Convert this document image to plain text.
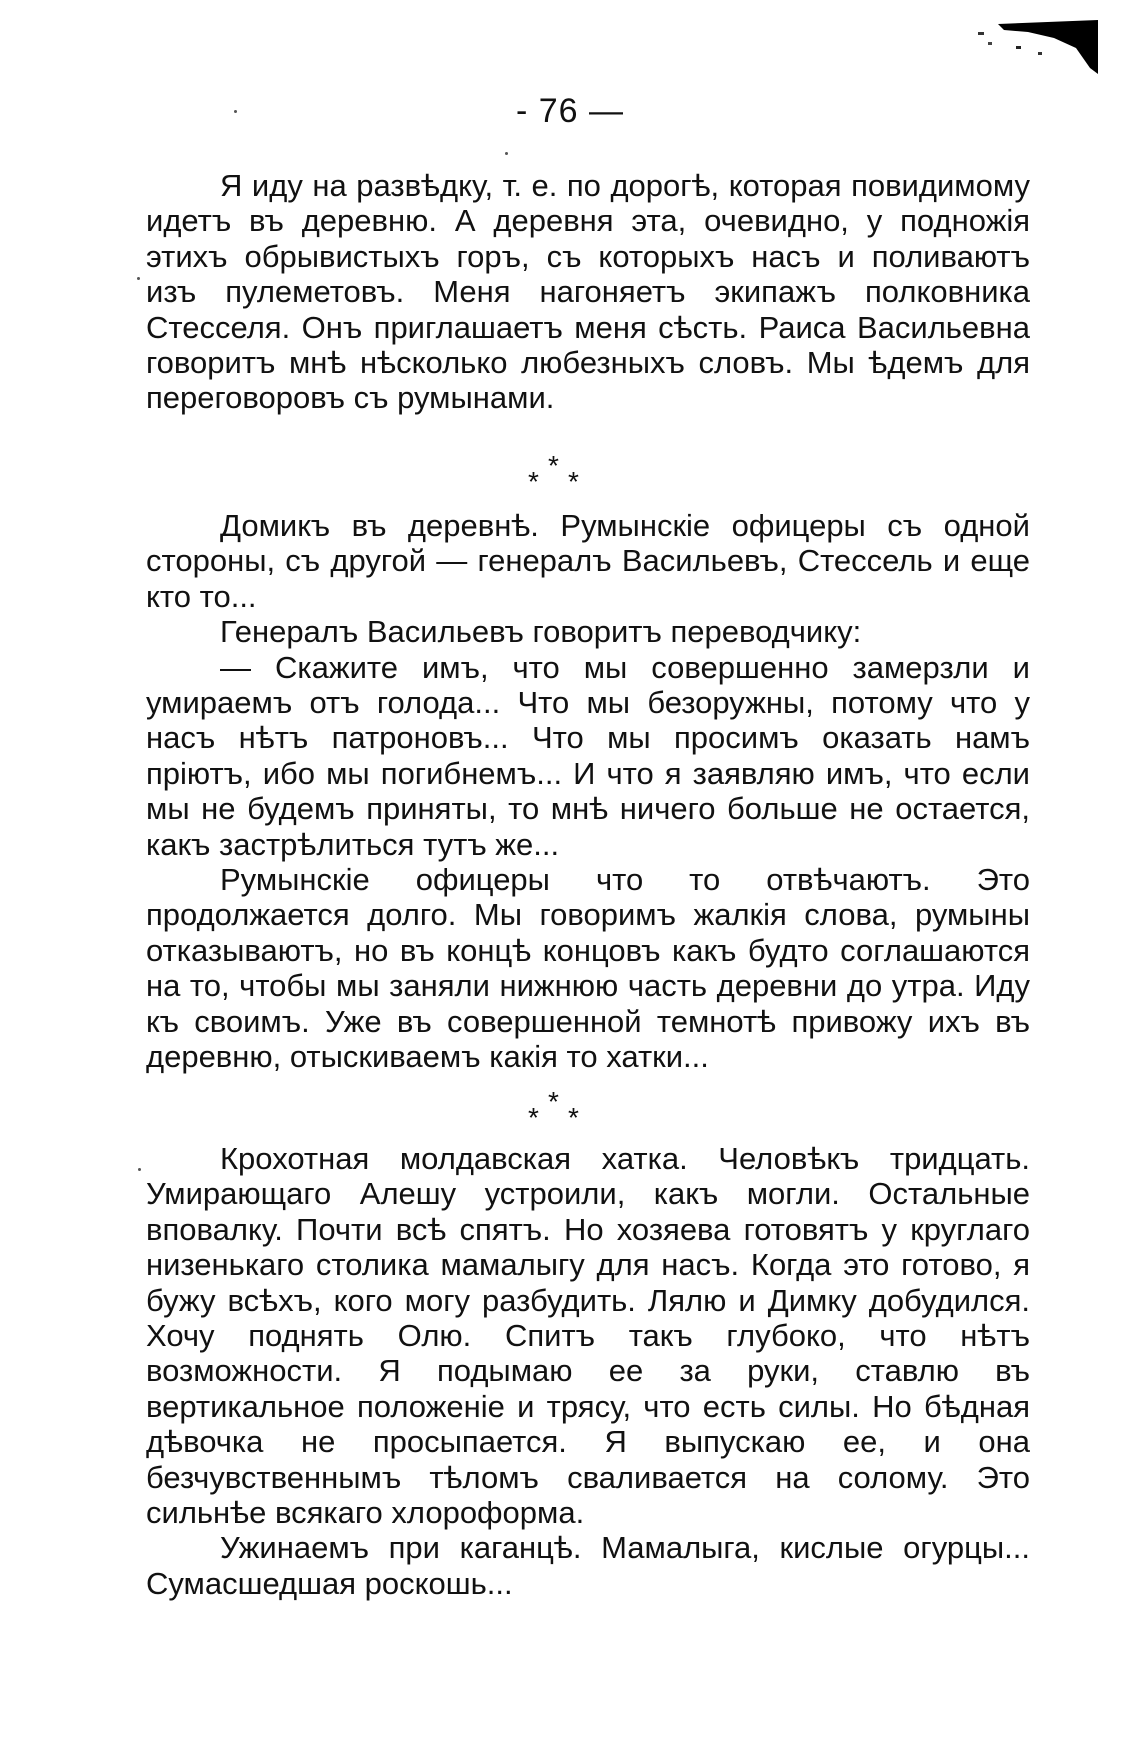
- 76 —

Я иду на развѣдку, т. е. по дорогѣ, которая повидимому идетъ въ деревню. А деревня эта, очевидно, у подножія этихъ обрывистыхъ горъ, съ которыхъ насъ и поливаютъ изъ пулеметовъ. Меня нагоняетъ экипажъ полковника Стесселя. Онъ приглашаетъ меня сѣсть. Раиса Васильевна говоритъ мнѣ нѣсколько любезныхъ словъ. Мы ѣдемъ для переговоровъ съ румынами.

*
* *

Домикъ въ деревнѣ. Румынскіе офицеры съ одной стороны, съ другой — генералъ Васильевъ, Стессель и еще кто то...

Генералъ Васильевъ говоритъ переводчику:

— Скажите имъ, что мы совершенно замерзли и умираемъ отъ голода... Что мы безоружны, потому что у насъ нѣтъ патроновъ... Что мы просимъ оказать намъ пріютъ, ибо мы погибнемъ... И что я заявляю имъ, что если мы не будемъ приняты, то мнѣ ничего больше не остается, какъ застрѣлиться тутъ же...

Румынскіе офицеры что то отвѣчаютъ. Это продолжается долго. Мы говоримъ жалкія слова, румыны отказываютъ, но въ концѣ концовъ какъ будто соглашаются на то, чтобы мы заняли нижнюю часть деревни до утра. Иду къ своимъ. Уже въ совершенной темнотѣ привожу ихъ въ деревню, отыскиваемъ какія то хатки...

*
* *

Крохотная молдавская хатка. Человѣкъ тридцать. Умирающаго Алешу устроили, какъ могли. Остальные вповалку. Почти всѣ спятъ. Но хозяева готовятъ у круглаго низенькаго столика мамалыгу для насъ. Когда это готово, я бужу всѣхъ, кого могу разбудить. Лялю и Димку добудился. Хочу поднять Олю. Спитъ такъ глубоко, что нѣтъ возможности. Я подымаю ее за руки, ставлю въ вертикальное положеніе и трясу, что есть силы. Но бѣдная дѣвочка не просыпается. Я выпускаю ее, и она безчувственнымъ тѣломъ сваливается на солому. Это сильнѣе всякаго хлороформа.

Ужинаемъ при каганцѣ. Мамалыга, кислые огурцы... Сумасшедшая роскошь...
